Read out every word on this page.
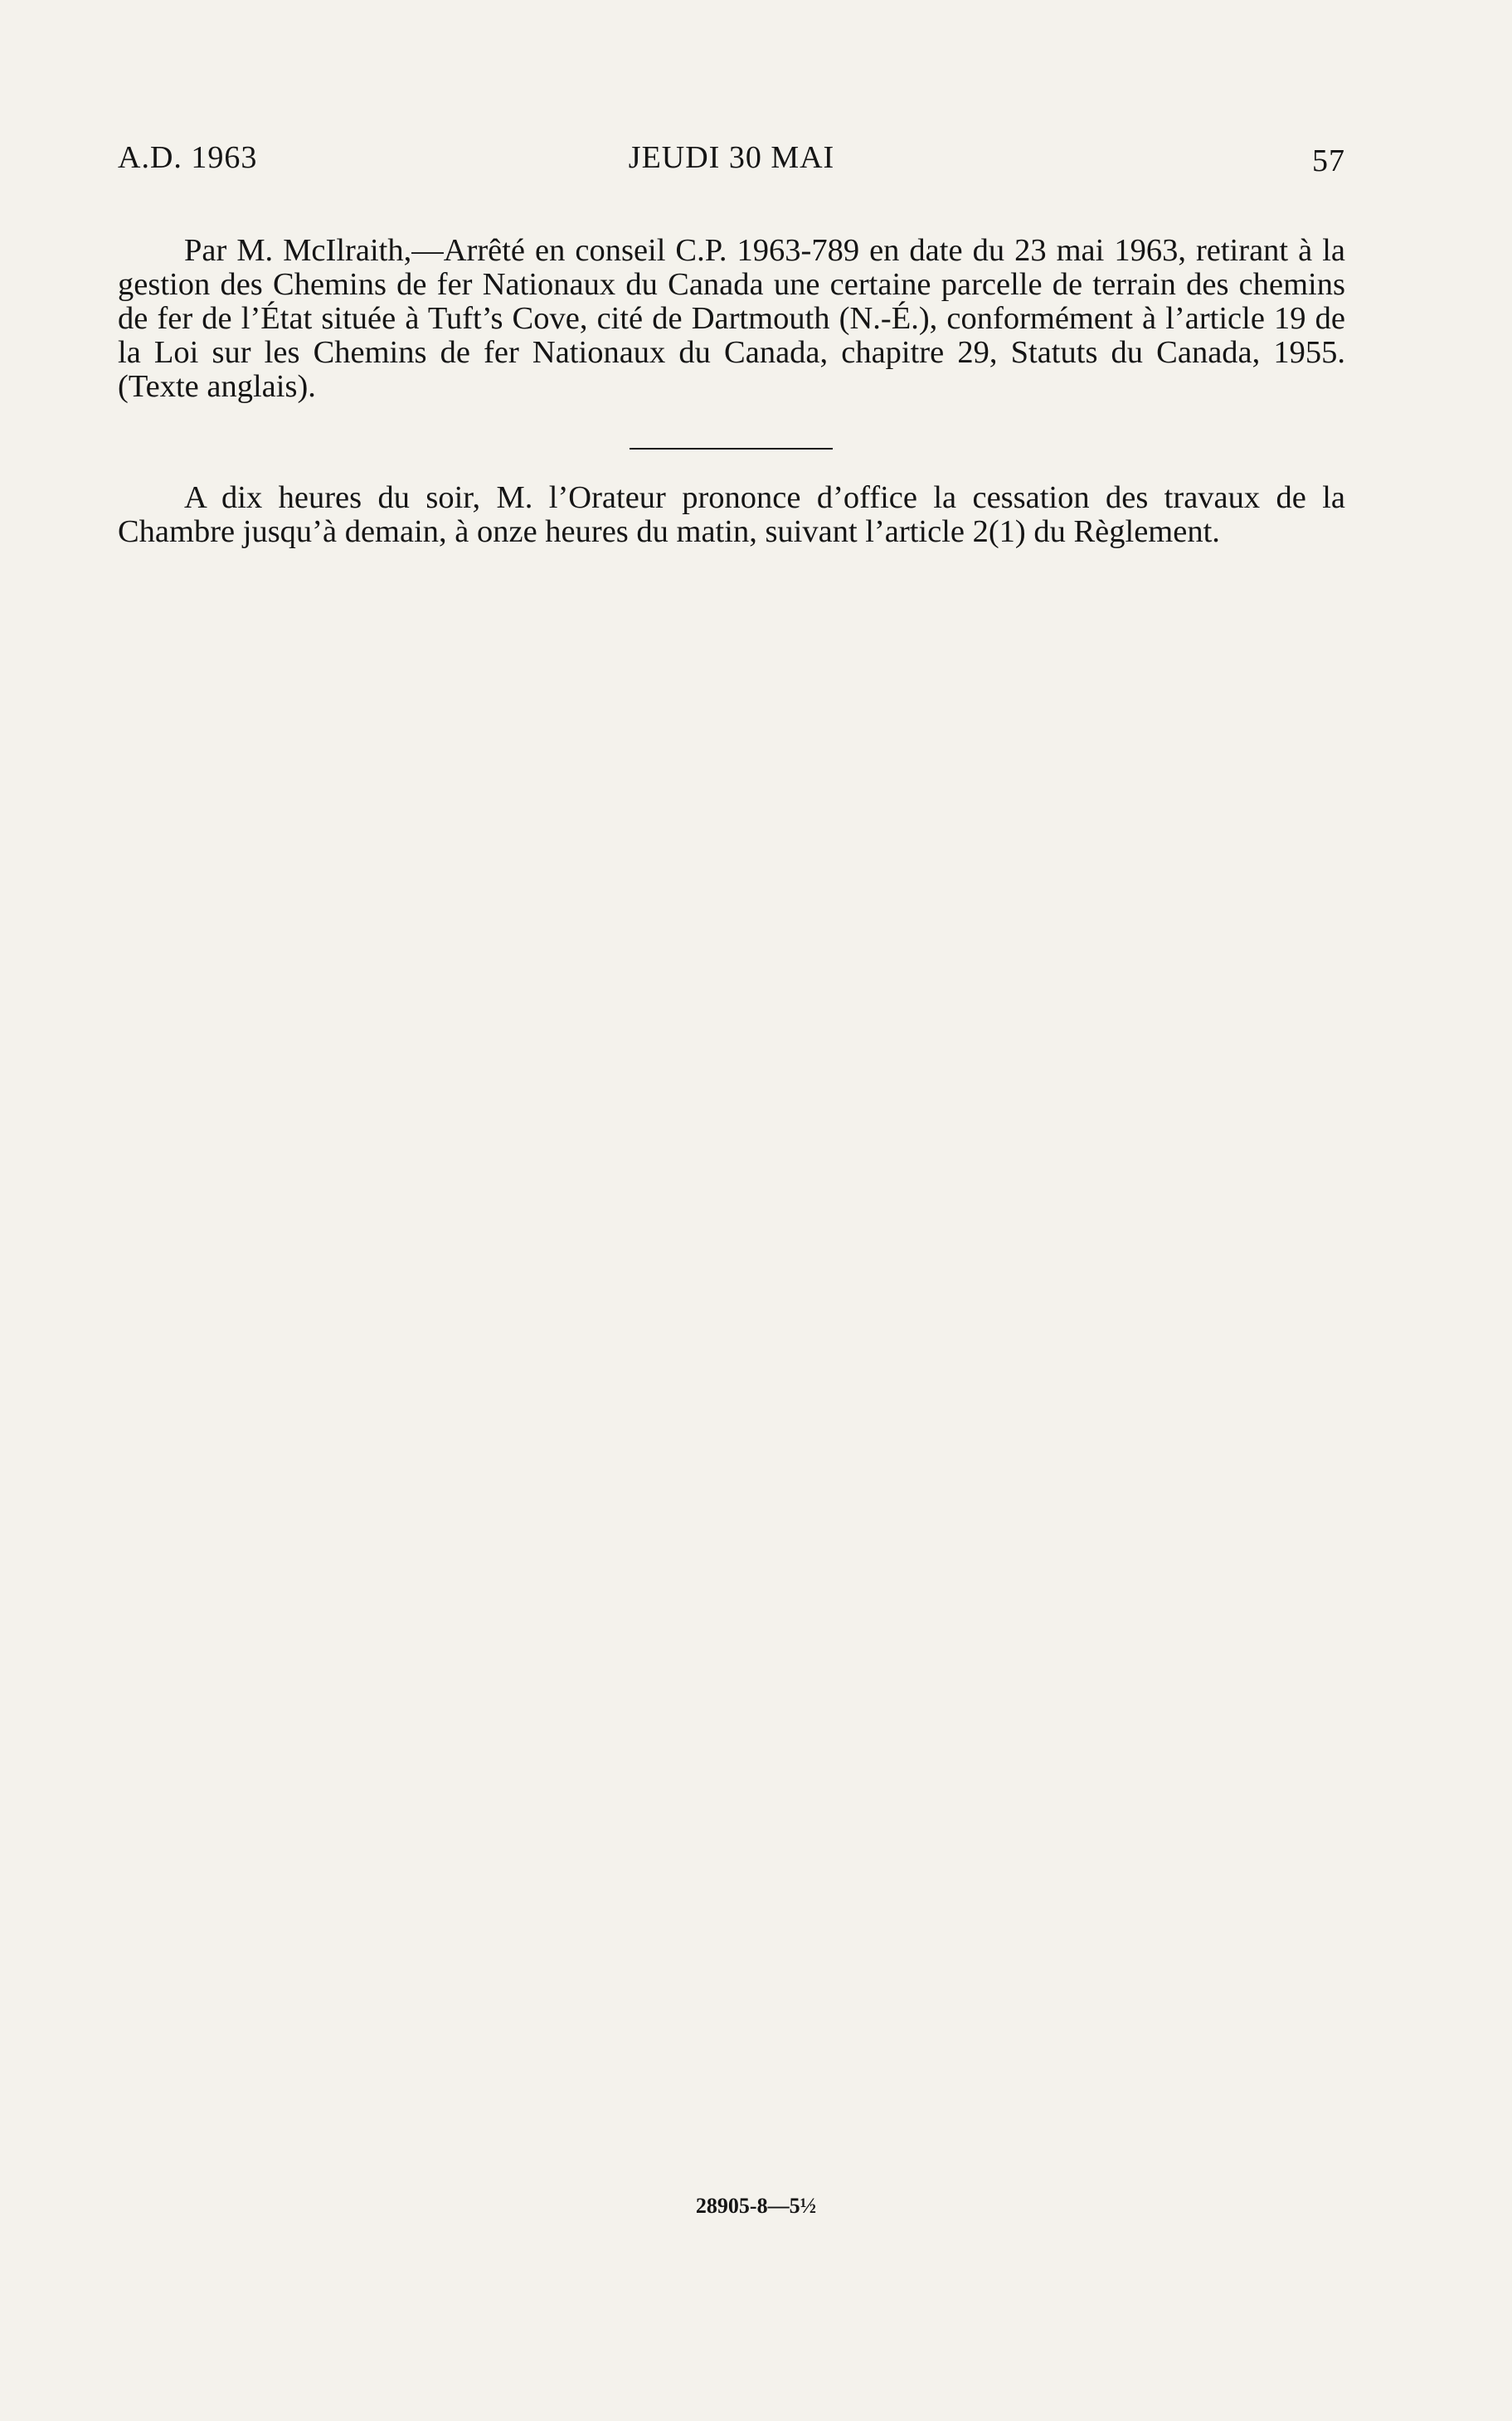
A.D. 1963	JEUDI 30 MAI	57

Par M. McIlraith,—Arrêté en conseil C.P. 1963-789 en date du 23 mai 1963, retirant à la gestion des Chemins de fer Nationaux du Canada une certaine parcelle de terrain des chemins de fer de l’État située à Tuft’s Cove, cité de Dartmouth (N.-É.), conformément à l’article 19 de la Loi sur les Chemins de fer Nationaux du Canada, chapitre 29, Statuts du Canada, 1955. (Texte anglais).

A dix heures du soir, M. l’Orateur prononce d’office la cessation des travaux de la Chambre jusqu’à demain, à onze heures du matin, suivant l’article 2(1) du Règlement.

28905-8—5½
